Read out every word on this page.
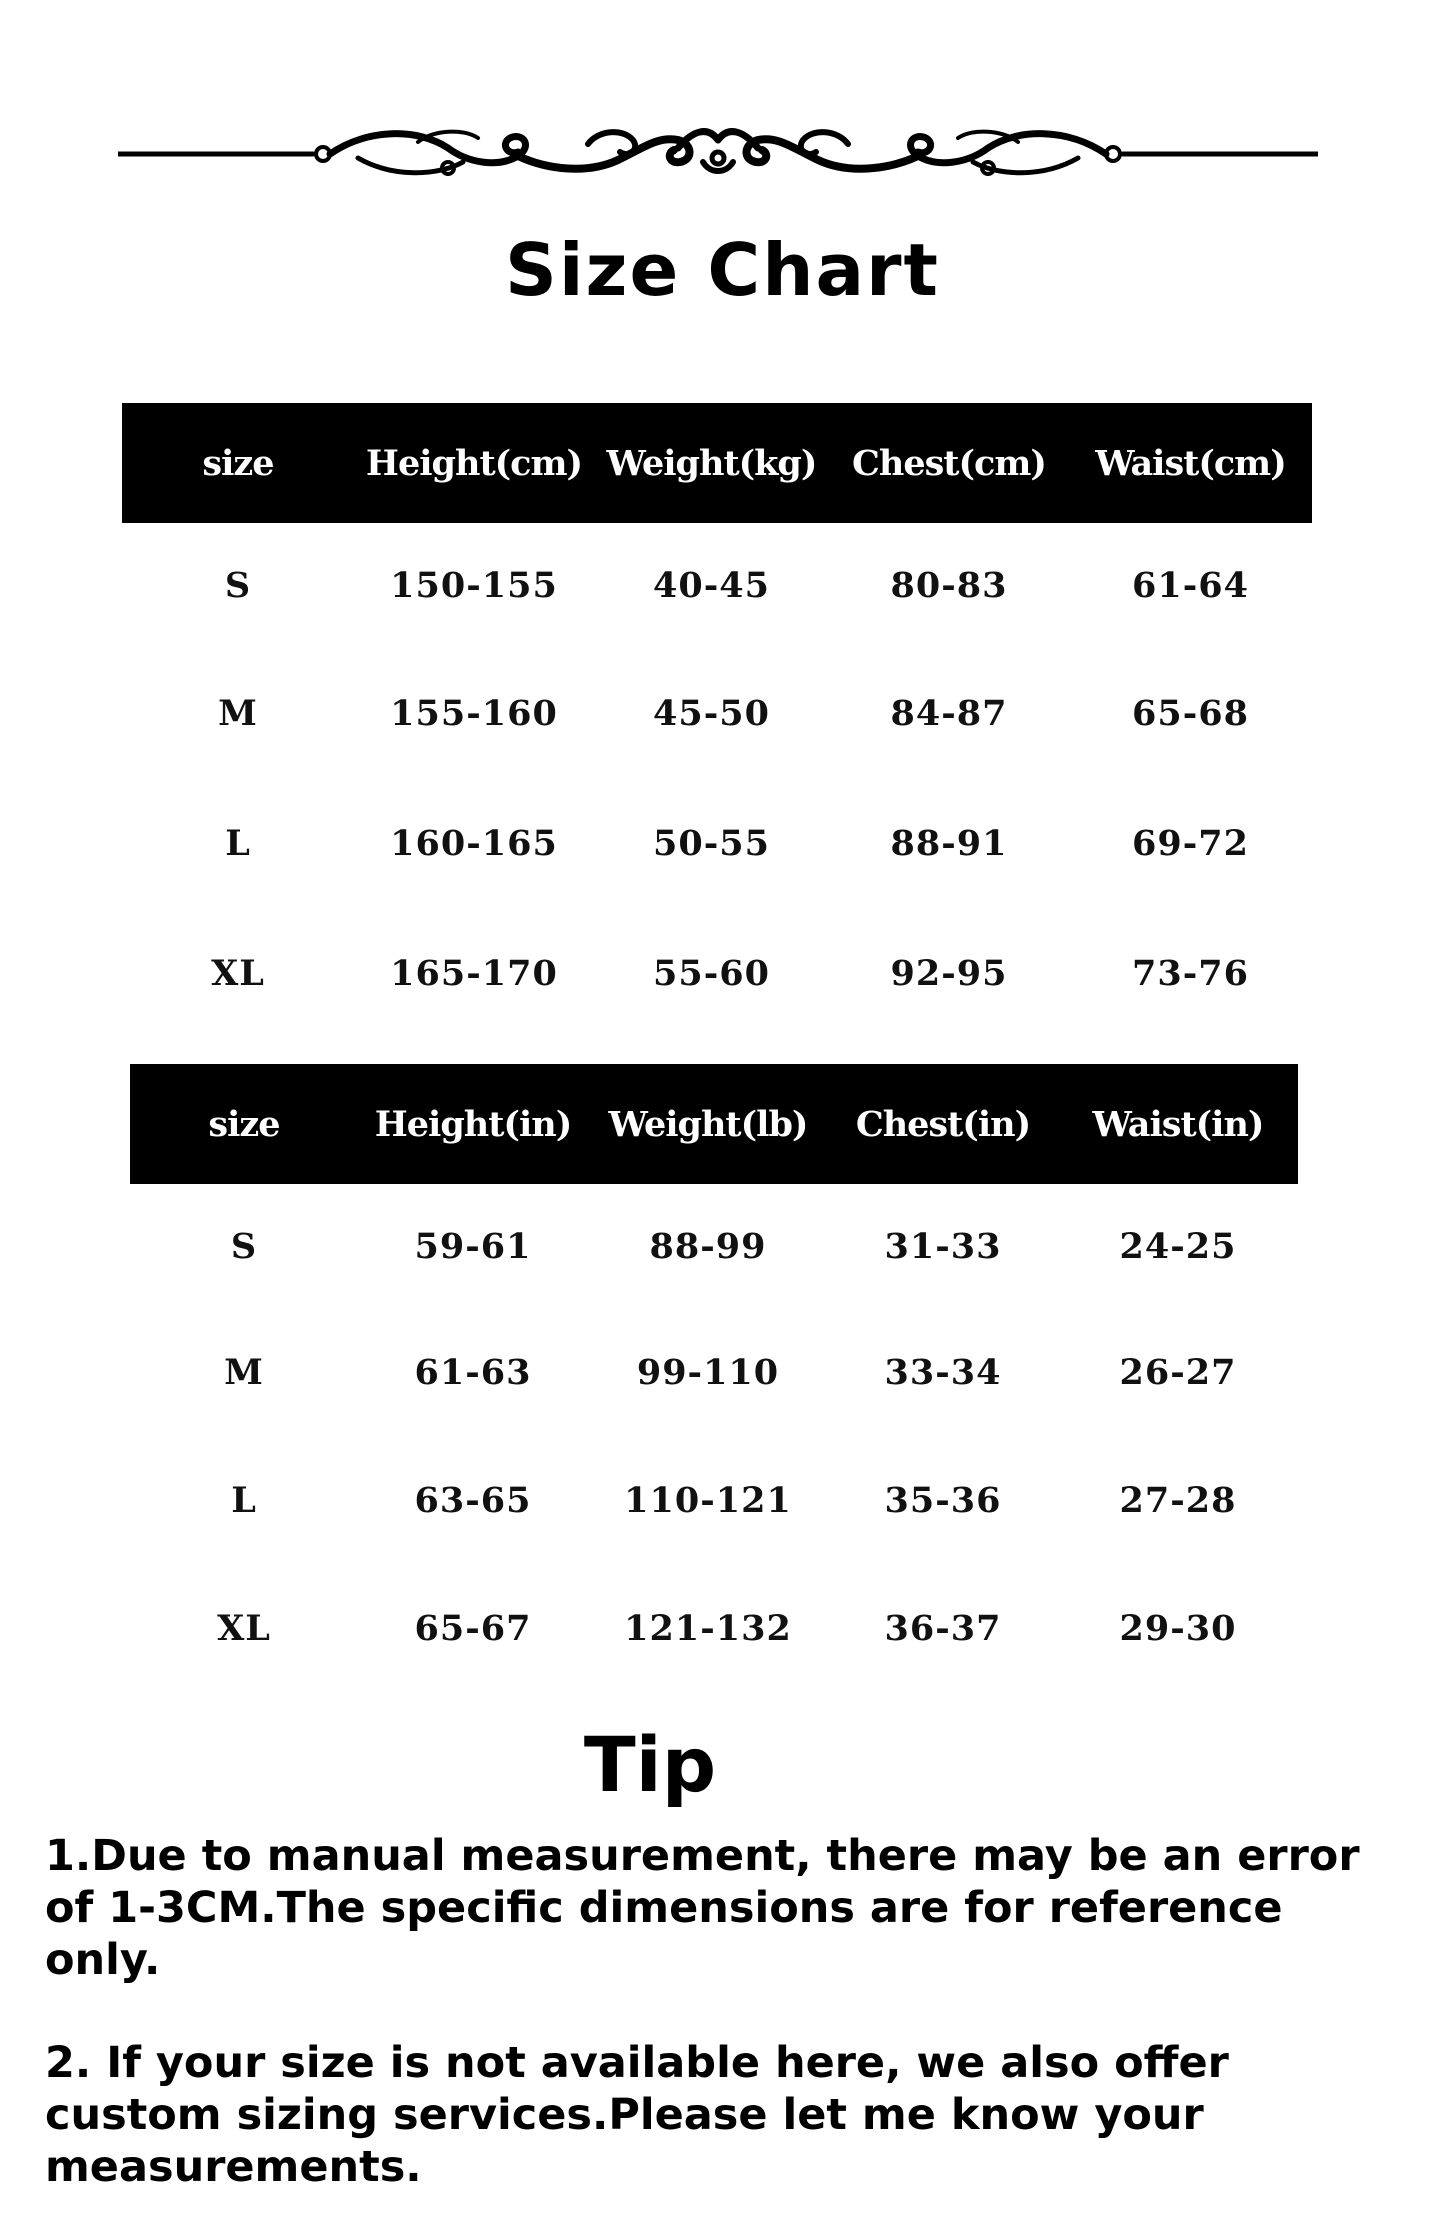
Size Chart
size	Height(cm)	Weight(kg)	Chest(cm)	Waist(cm)
S	150-155	40-45	80-83	61-64
M	155-160	45-50	84-87	65-68
L	160-165	50-55	88-91	69-72
XL	165-170	55-60	92-95	73-76
size	Height(in)	Weight(lb)	Chest(in)	Waist(in)
S	59-61	88-99	31-33	24-25
M	61-63	99-110	33-34	26-27
L	63-65	110-121	35-36	27-28
XL	65-67	121-132	36-37	29-30
Tip

1.Due to manual measurement, there may be an error of 1-3CM.The specific dimensions are for reference only.

2. If your size is not available here, we also offer custom sizing services.Please let me know your measurements.
